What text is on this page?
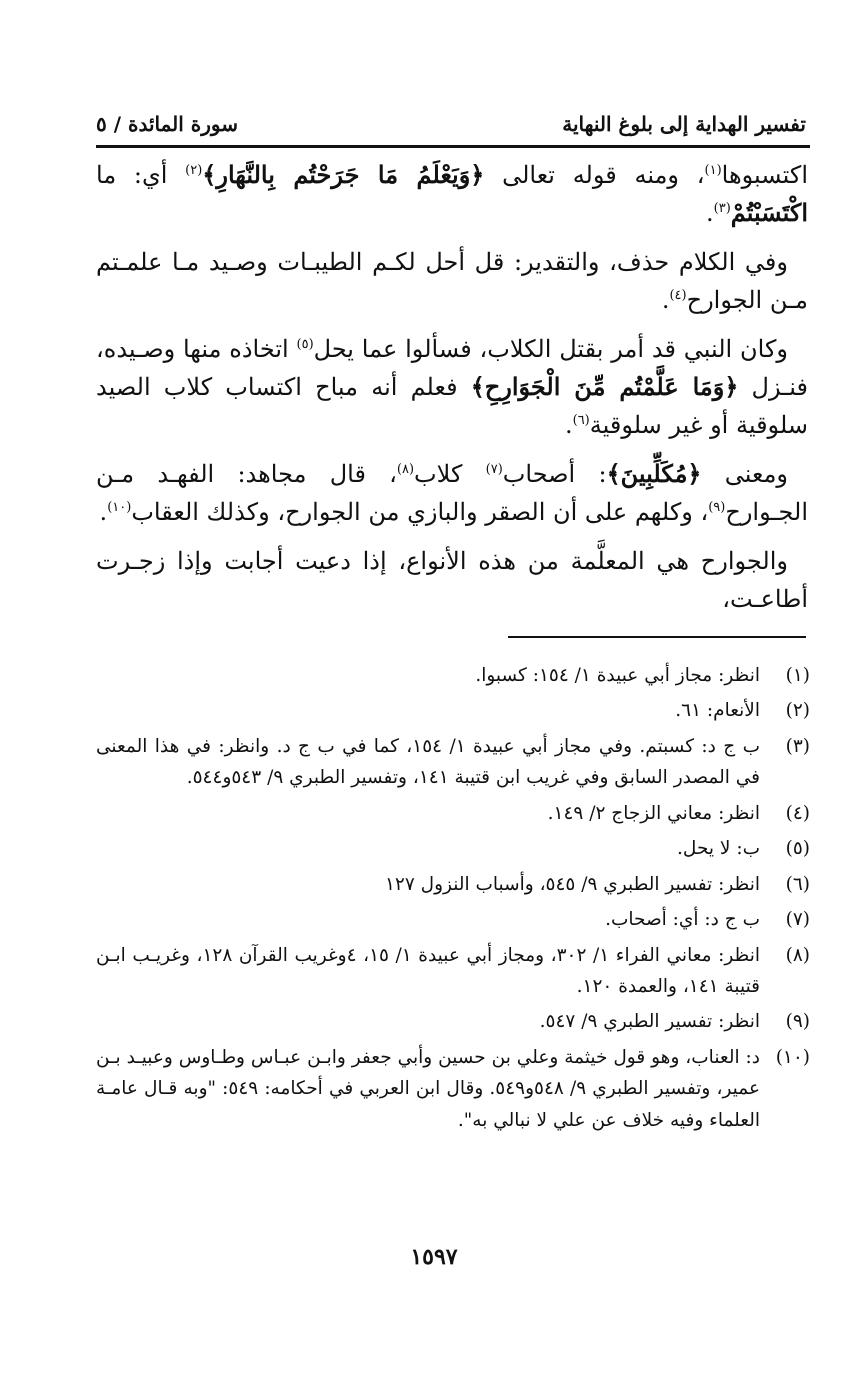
تفسير الهداية إلى بلوغ النهاية
سورة المائدة / ٥

اكتسبوها$^{(١)}$، ومنه قوله تعالى ﴿وَيَعْلَمُ مَا جَرَحْتُم بِالنَّهَارِ﴾$^{(٢)}$ أي: ما اكْتَسَبْتُمْ$^{(٣)}$.

وفي الكلام حذف، والتقدير: قل أحل لكـم الطيبـات وصـيد مـا علمـتم مـن الجوارح$^{(٤)}$.

وكان النبي قد أمر بقتل الكلاب، فسألوا عما يحل$^{(٥)}$ اتخاذه منها وصـيده، فنـزل ﴿وَمَا عَلَّمْتُم مِّنَ الْجَوَارِحِ﴾ فعلم أنه مباح اكتساب كلاب الصيد سلوقية أو غير سلوقية$^{(٦)}$.

ومعنى ﴿مُكَلِّبِينَ﴾: أصحاب$^{(٧)}$ كلاب$^{(٨)}$، قال مجاهد: الفهـد مـن الجـوارح$^{(٩)}$، وكلهم على أن الصقر والبازي من الجوارح، وكذلك العقاب$^{(١٠)}$.

والجوارح هي المعلَّمة من هذه الأنواع، إذا دعيت أجابت وإذا زجـرت أطاعـت،

(١)
انظر: مجاز أبي عبيدة ١/ ١٥٤: كسبوا.
(٢)
الأنعام: ٦١.
(٣)
ب ج د: كسبتم. وفي مجاز أبي عبيدة ١/ ١٥٤، كما في ب ج د. وانظر: في هذا المعنى في المصدر السابق وفي غريب ابن قتيبة ١٤١، وتفسير الطبري ٩/ ٥٤٣و٥٤٤.
(٤)
انظر: معاني الزجاج ٢/ ١٤٩.
(٥)
ب: لا يحل.
(٦)
انظر: تفسير الطبري ٩/ ٥٤٥، وأسباب النزول ١٢٧
(٧)
ب ج د: أي: أصحاب.
(٨)
انظر: معاني الفراء ١/ ٣٠٢، ومجاز أبي عبيدة ١/ ١٥، ٤وغريب القرآن ١٢٨، وغريـب ابـن قتيبة ١٤١، والعمدة ١٢٠.
(٩)
انظر: تفسير الطبري ٩/ ٥٤٧.
(١٠)
د: العناب، وهو قول خيثمة وعلي بن حسين وأبي جعفر وابـن عبـاس وطـاوس وعبيـد بـن عمير، وتفسير الطبري ٩/ ٥٤٨و٥٤٩. وقال ابن العربي في أحكامه: ٥٤٩: "وبه قـال عامـة العلماء وفيه خلاف عن علي لا نبالي به".
١٥٩٧
